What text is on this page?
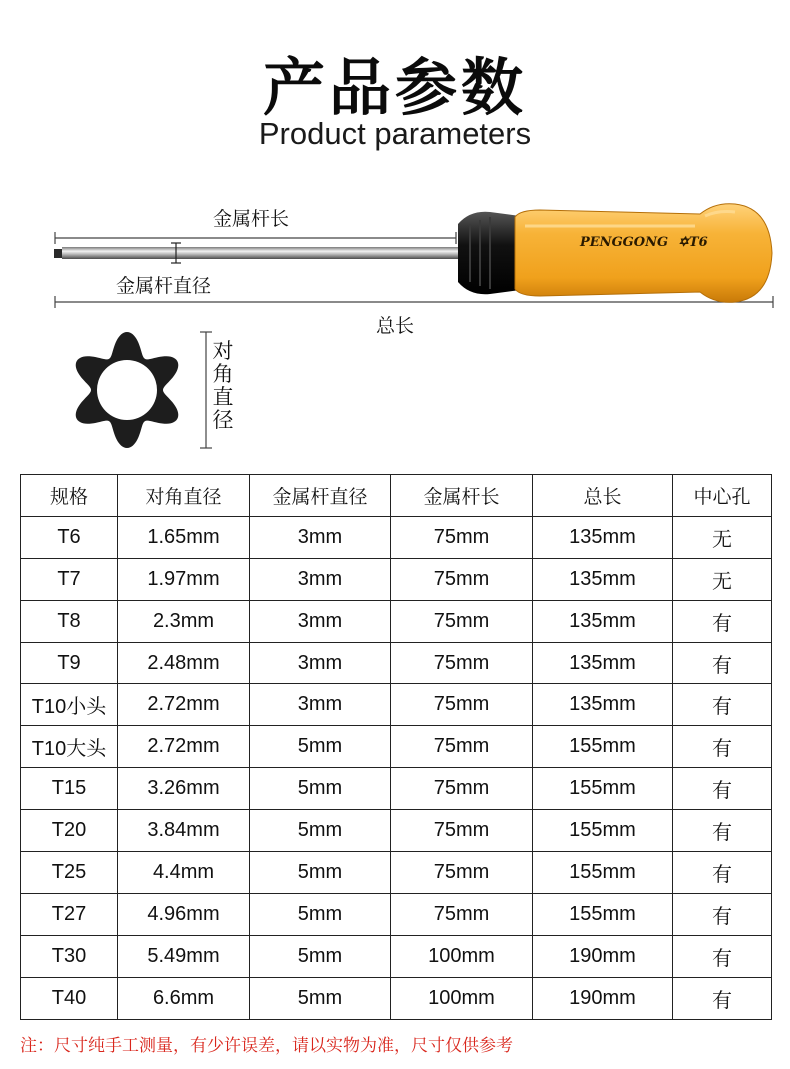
产品参数
Product parameters
金属杆长
金属杆直径
总长
PENGGONG ✡T6
对角直径
规格	对角直径	金属杆直径	金属杆长	总长	中心孔
T6	1.65mm	3mm	75mm	135mm	无
T7	1.97mm	3mm	75mm	135mm	无
T8	2.3mm	3mm	75mm	135mm	有
T9	2.48mm	3mm	75mm	135mm	有
T10小头	2.72mm	3mm	75mm	135mm	有
T10大头	2.72mm	5mm	75mm	155mm	有
T15	3.26mm	5mm	75mm	155mm	有
T20	3.84mm	5mm	75mm	155mm	有
T25	4.4mm	5mm	75mm	155mm	有
T27	4.96mm	5mm	75mm	155mm	有
T30	5.49mm	5mm	100mm	190mm	有
T40	6.6mm	5mm	100mm	190mm	有
注：尺寸纯手工测量，有少许误差，请以实物为准，尺寸仅供参考
